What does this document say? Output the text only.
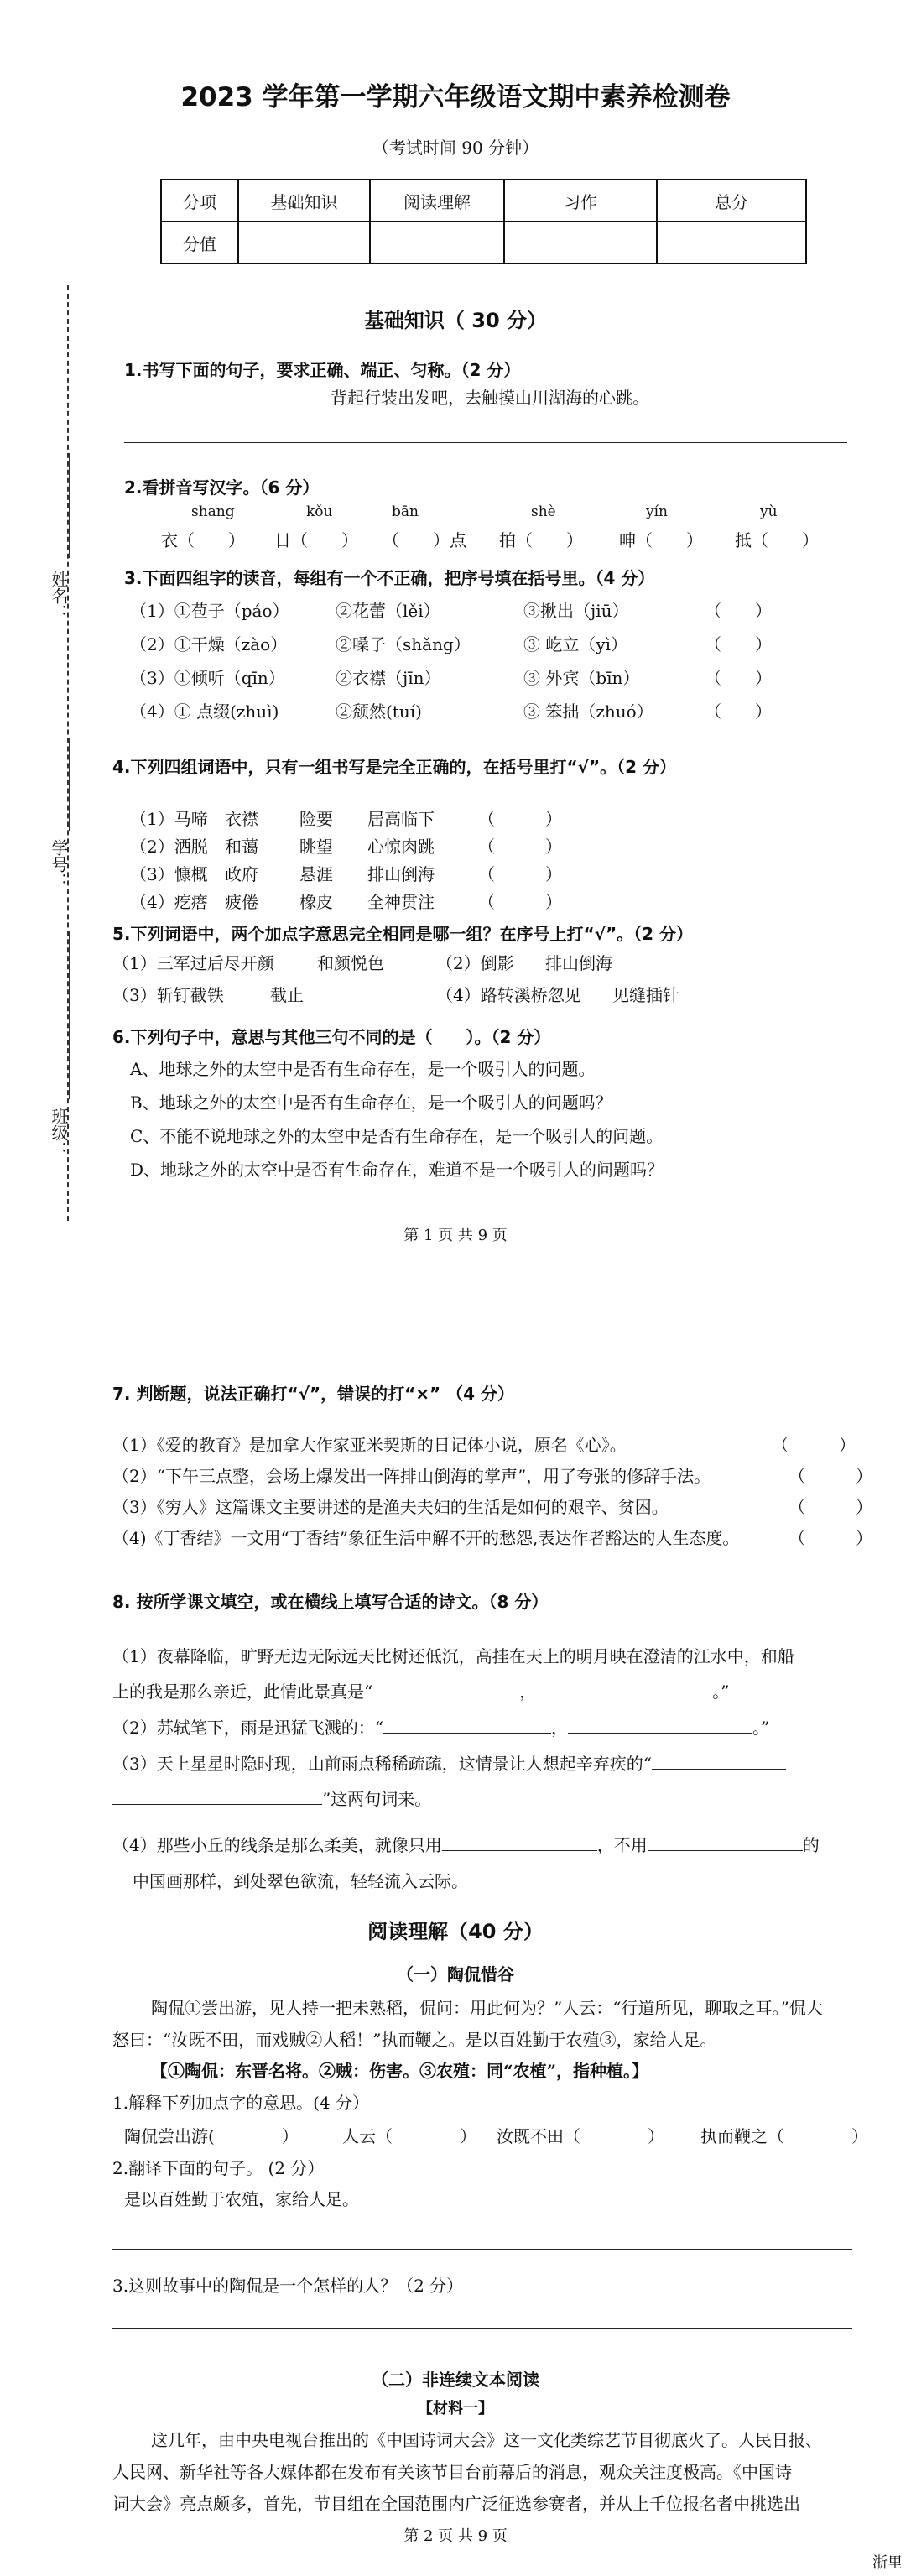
2023 学年第一学期六年级语文期中素养检测卷
（考试时间 90 分钟）
分项	基础知识	阅读理解	习作	总分
分值				
姓名：
学号：
班级：
基础知识（ 30 分）
1.书写下面的句子，要求正确、端正、匀称。（2 分）
背起行装出发吧，去触摸山川湖海的心跳。
2.看拼音写汉字。（6 分）
shang	kǒu	bān	shè	yín	yù
衣（　　） 日（　　） （　　）点 拍（　　） 呻（　　） 抵（　　）
3.下面四组字的读音，每组有一个不正确，把序号填在括号里。（4 分）
（1）①苞子（páo）	②花蕾（lěi）	③揪出（jiū）	（　　）
（2）①干燥（zào）	②嗓子（shǎng）	③ 屹立（yì）	（　　）
（3）①倾听（qīn）	②衣襟（jīn）	③ 外宾（bīn）	（　　）
（4）① 点缀(zhuì)	②颓然(tuí)	③ 笨拙（zhuó）	（　　）
4.下列四组词语中，只有一组书写是完全正确的，在括号里打“√”。（2 分）
（1）马啼 衣襟 险要 居高临下	（　　　）
（2）洒脱 和蔼 眺望 心惊肉跳	（　　　）
（3）慷概 政府 悬涯 排山倒海	（　　　）
（4）疙瘩 疲倦 橡皮 全神贯注	（　　　）
5.下列词语中，两个加点字意思完全相同是哪一组？在序号上打“√”。（2 分）
（1）三军过后尽开颜	和颜悦色	（2）倒影 排山倒海
（3）斩钉截铁	截止	（4）路转溪桥忽见 见缝插针
6.下列句子中，意思与其他三句不同的是（　　）。（2 分）
A、地球之外的太空中是否有生命存在，是一个吸引人的问题。
B、地球之外的太空中是否有生命存在，是一个吸引人的问题吗？
C、不能不说地球之外的太空中是否有生命存在，是一个吸引人的问题。
D、地球之外的太空中是否有生命存在，难道不是一个吸引人的问题吗？
第 1 页 共 9 页
7. 判断题，说法正确打“√”，错误的打“×” （4 分）
（1）《爱的教育》是加拿大作家亚米契斯的日记体小说，原名《心》。	（　　　）
（2）“下午三点整，会场上爆发出一阵排山倒海的掌声”，用了夸张的修辞手法。	（　　　）
（3）《穷人》这篇课文主要讲述的是渔夫夫妇的生活是如何的艰辛、贫困。	（　　　）
（4)《丁香结》一文用“丁香结”象征生活中解不开的愁怨,表达作者豁达的人生态度。	（　　　）
8. 按所学课文填空，或在横线上填写合适的诗文。（8 分）
（1）夜幕降临，旷野无边无际远天比树还低沉，高挂在天上的明月映在澄清的江水中，和船
上的我是那么亲近，此情此景真是“	，	。”
（2）苏轼笔下，雨是迅猛飞溅的：“	，	。”
（3）天上星星时隐时现，山前雨点稀稀疏疏，这情景让人想起辛弃疾的“
”这两句词来。
（4）那些小丘的线条是那么柔美，就像只用	，不用	的
中国画那样，到处翠色欲流，轻轻流入云际。
阅读理解（40 分）
（一）陶侃惜谷
陶侃①尝出游，见人持一把未熟稻，侃问：用此何为？”人云：“行道所见，聊取之耳。”侃大
怒曰：“汝既不田，而戏贼②人稻！”执而鞭之。是以百姓勤于农殖③，家给人足。
【①陶侃：东晋名将。②贼：伤害。③农殖：同“农植”，指种植。】
1.解释下列加点字的意思。(4 分）
陶侃尝出游(　　　　）	人云（　　　　） 汝既不田（　　　　） 执而鞭之（　　　　）
2.翻译下面的句子。 (2 分）
是以百姓勤于农殖，家给人足。
3.这则故事中的陶侃是一个怎样的人？（2 分）
（二）非连续文本阅读
【材料一】
这几年，由中央电视台推出的《中国诗词大会》这一文化类综艺节目彻底火了。人民日报、
人民网、新华社等各大媒体都在发布有关该节目台前幕后的消息，观众关注度极高。《中国诗
词大会》亮点颇多，首先，节目组在全国范围内广泛征选参赛者，并从上千位报名者中挑选出
第 2 页 共 9 页
浙里
